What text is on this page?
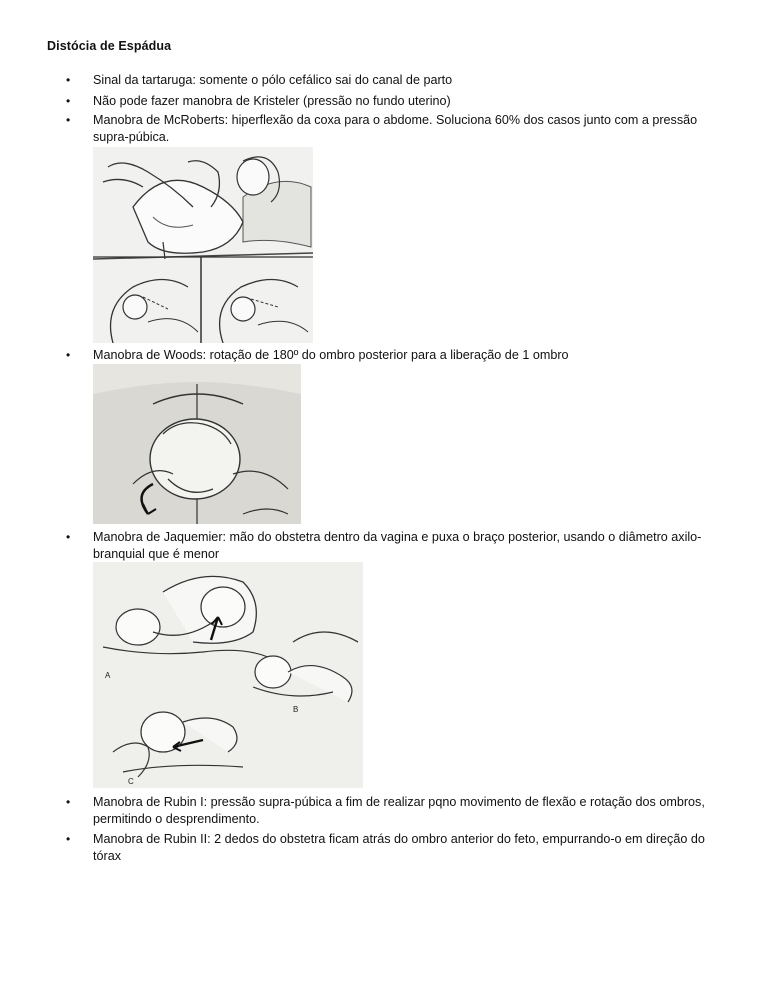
Distócia de Espádua
•
Sinal da tartaruga: somente o pólo cefálico sai do canal de parto
•
Não pode fazer manobra de Kristeler (pressão no fundo uterino)
•
Manobra de McRoberts: hiperflexão da coxa para o abdome. Soluciona 60% dos casos junto com a pressão supra-púbica.
•
Manobra de Woods: rotação de 180º do ombro posterior para a liberação de 1 ombro
•
Manobra de Jaquemier: mão do obstetra dentro da vagina e puxa o braço posterior, usando o diâmetro axilo-branquial que é menor
A
B
C
•
Manobra de Rubin I: pressão supra-púbica a fim de realizar pqno movimento de flexão e rotação dos ombros, permitindo o desprendimento.
•
Manobra de Rubin II: 2 dedos do obstetra ficam atrás do ombro anterior do feto, empurrando-o em direção do tórax
